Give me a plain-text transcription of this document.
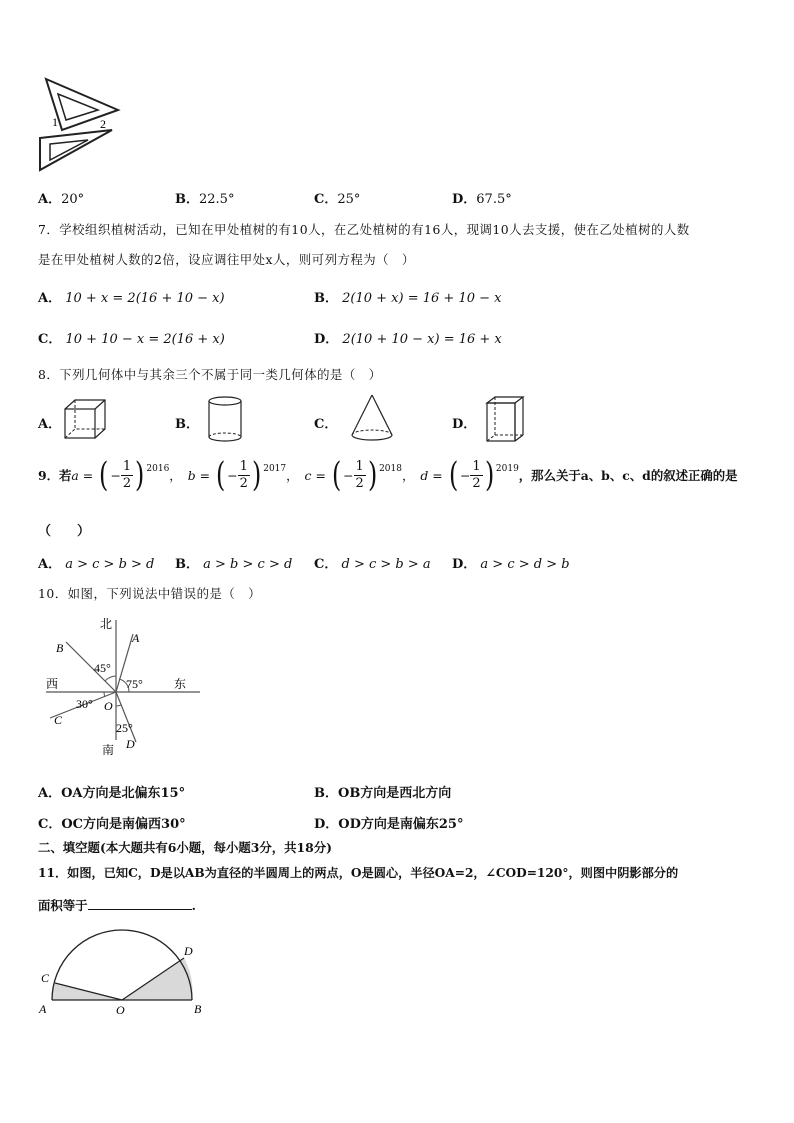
1	2
A．20°	B．22.5°	C．25°	D．67.5°
7．学校组织植树活动，已知在甲处植树的有10人，在乙处植树的有16人，现调10人去支援，使在乙处植树的人数
是在甲处植树人数的2倍，设应调往甲处x人，则可列方程为（　）
A． 10 + x = 2(16 + 10 − x)	B． 2(10 + x) = 16 + 10 − x
C． 10 + 10 − x = 2(16 + x)	D． 2(10 + 10 − x) = 16 + x
8．下列几何体中与其余三个不属于同一类几何体的是（　）
A．	B．	C．	D．
9．若 a = ( − $\frac{1}{2}$ ) 2016 ， b = ( − $\frac{1}{2}$ ) 2017 ， c = ( − $\frac{1}{2}$ ) 2018 ， d = ( − $\frac{1}{2}$ ) 2019 ，那么关于a、b、c、d的叙述正确的是
（　　）
A． a > c > b > d B． a > b > c > d C． d > c > b > a D． a > c > d > b
10．如图，下列说法中错误的是（　）
北
南
西	东
A
B
C
D
O
45°
75°
30°
25°
A．OA方向是北偏东15°	B．OB方向是西北方向
C．OC方向是南偏西30°	D．OD方向是南偏东25°
二、填空题(本大题共有6小题，每小题3分，共18分)
11．如图，已知C，D是以AB为直径的半圆周上的两点，O是圆心，半径OA=2，∠COD=120°，则图中阴影部分的
面积等于	.
A	B
C
D
O
